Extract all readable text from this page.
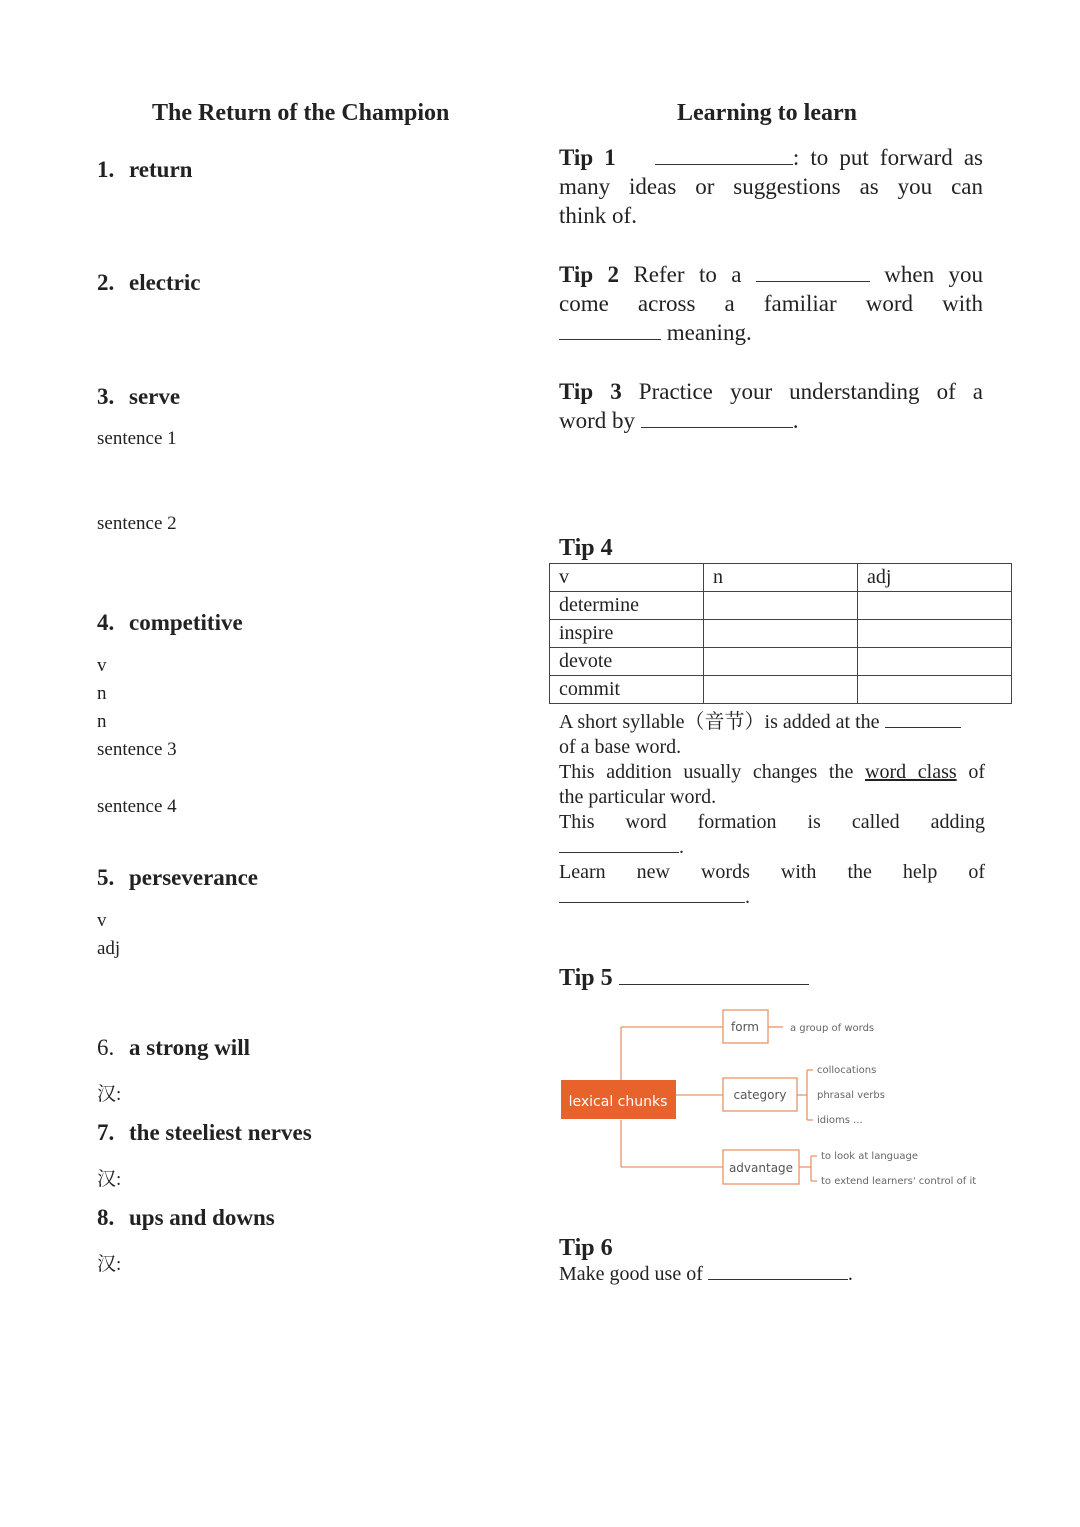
The Return of the Champion
1. return
2. electric
3. serve
sentence 1
sentence 2
4. competitive
v
n
n
sentence 3
sentence 4
5. perseverance
v
adj
6. a strong will
汉:
7. the steeliest nerves
汉:
8. ups and downs
汉:
Learning to learn
Tip 1	: to put forward as
many ideas or suggestions as you can
think of.
Tip 2 Refer to a	when you
come across a familiar word with
meaning.
Tip 3 Practice your understanding of a
word by	.
Tip 4
v	n	adj
determine		
inspire		
devote		
commit		
A short syllable（音节）is added at the
of a base word.
This addition usually changes the word class of
the particular word.
This word formation is called adding
.
Learn new words with the help of
.
Tip 5
lexical chunks
form
category
advantage
a group of words
collocations
phrasal verbs
idioms ...
to look at language
to extend learners' control of it
Tip 6
Make good use of	.
